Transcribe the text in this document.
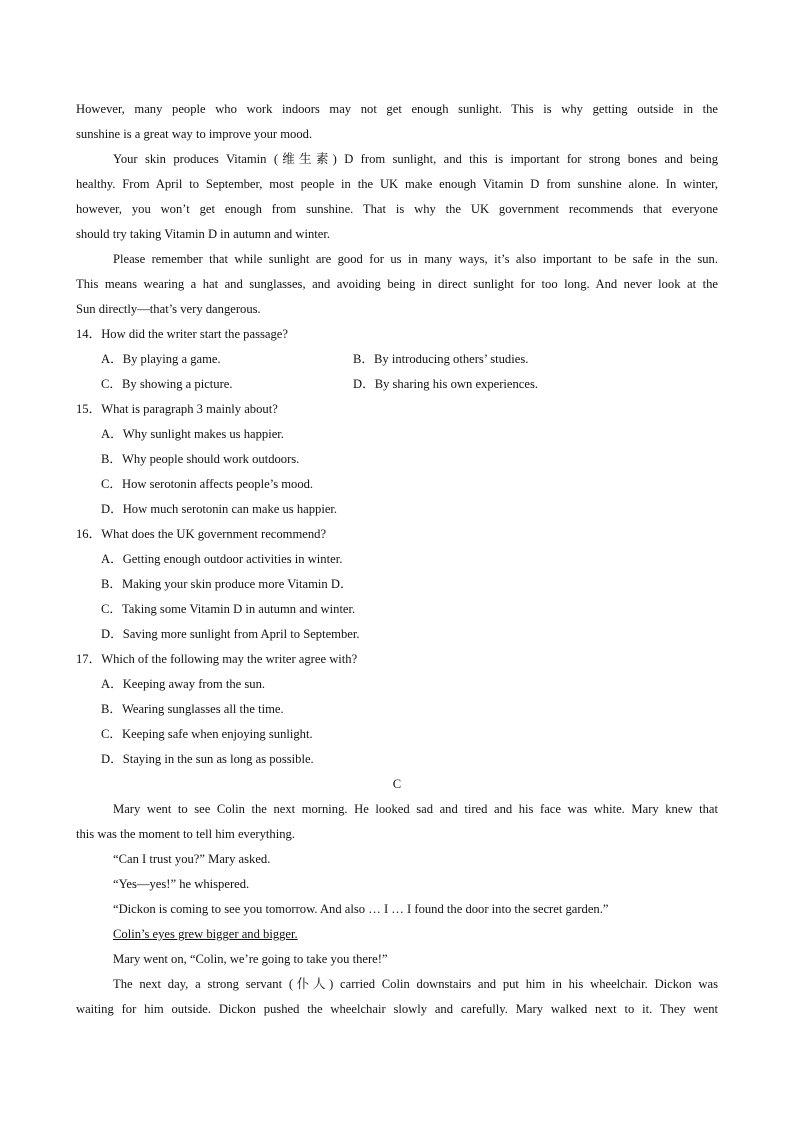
However, many people who work indoors may not get enough sunlight. This is why getting outside in the
sunshine is a great way to improve your mood.
Your skin produces Vitamin (维生素) D from sunlight, and this is important for strong bones and being
healthy. From April to September, most people in the UK make enough Vitamin D from sunshine alone. In winter,
however, you won’t get enough from sunshine. That is why the UK government recommends that everyone
should try taking Vitamin D in autumn and winter.
Please remember that while sunlight are good for us in many ways, it’s also important to be safe in the sun.
This means wearing a hat and sunglasses, and avoiding being in direct sunlight for too long. And never look at the
Sun directly—that’s very dangerous.
14．How did the writer start the passage?
A．By playing a game.	B．By introducing others’ studies.
C．By showing a picture.	D．By sharing his own experiences.
15．What is paragraph 3 mainly about?
A．Why sunlight makes us happier.
B．Why people should work outdoors.
C．How serotonin affects people’s mood.
D．How much serotonin can make us happier.
16．What does the UK government recommend?
A．Getting enough outdoor activities in winter.
B．Making your skin produce more Vitamin D．
C．Taking some Vitamin D in autumn and winter.
D．Saving more sunlight from April to September.
17．Which of the following may the writer agree with?
A．Keeping away from the sun.
B．Wearing sunglasses all the time.
C．Keeping safe when enjoying sunlight.
D．Staying in the sun as long as possible.
C
Mary went to see Colin the next morning. He looked sad and tired and his face was white. Mary knew that
this was the moment to tell him everything.
“Can I trust you?” Mary asked.
“Yes—yes!” he whispered.
“Dickon is coming to see you tomorrow. And also … I … I found the door into the secret garden.”
Colin’s eyes grew bigger and bigger.
Mary went on, “Colin, we’re going to take you there!”
The next day, a strong servant (仆人) carried Colin downstairs and put him in his wheelchair. Dickon was
waiting for him outside. Dickon pushed the wheelchair slowly and carefully. Mary walked next to it. They went
